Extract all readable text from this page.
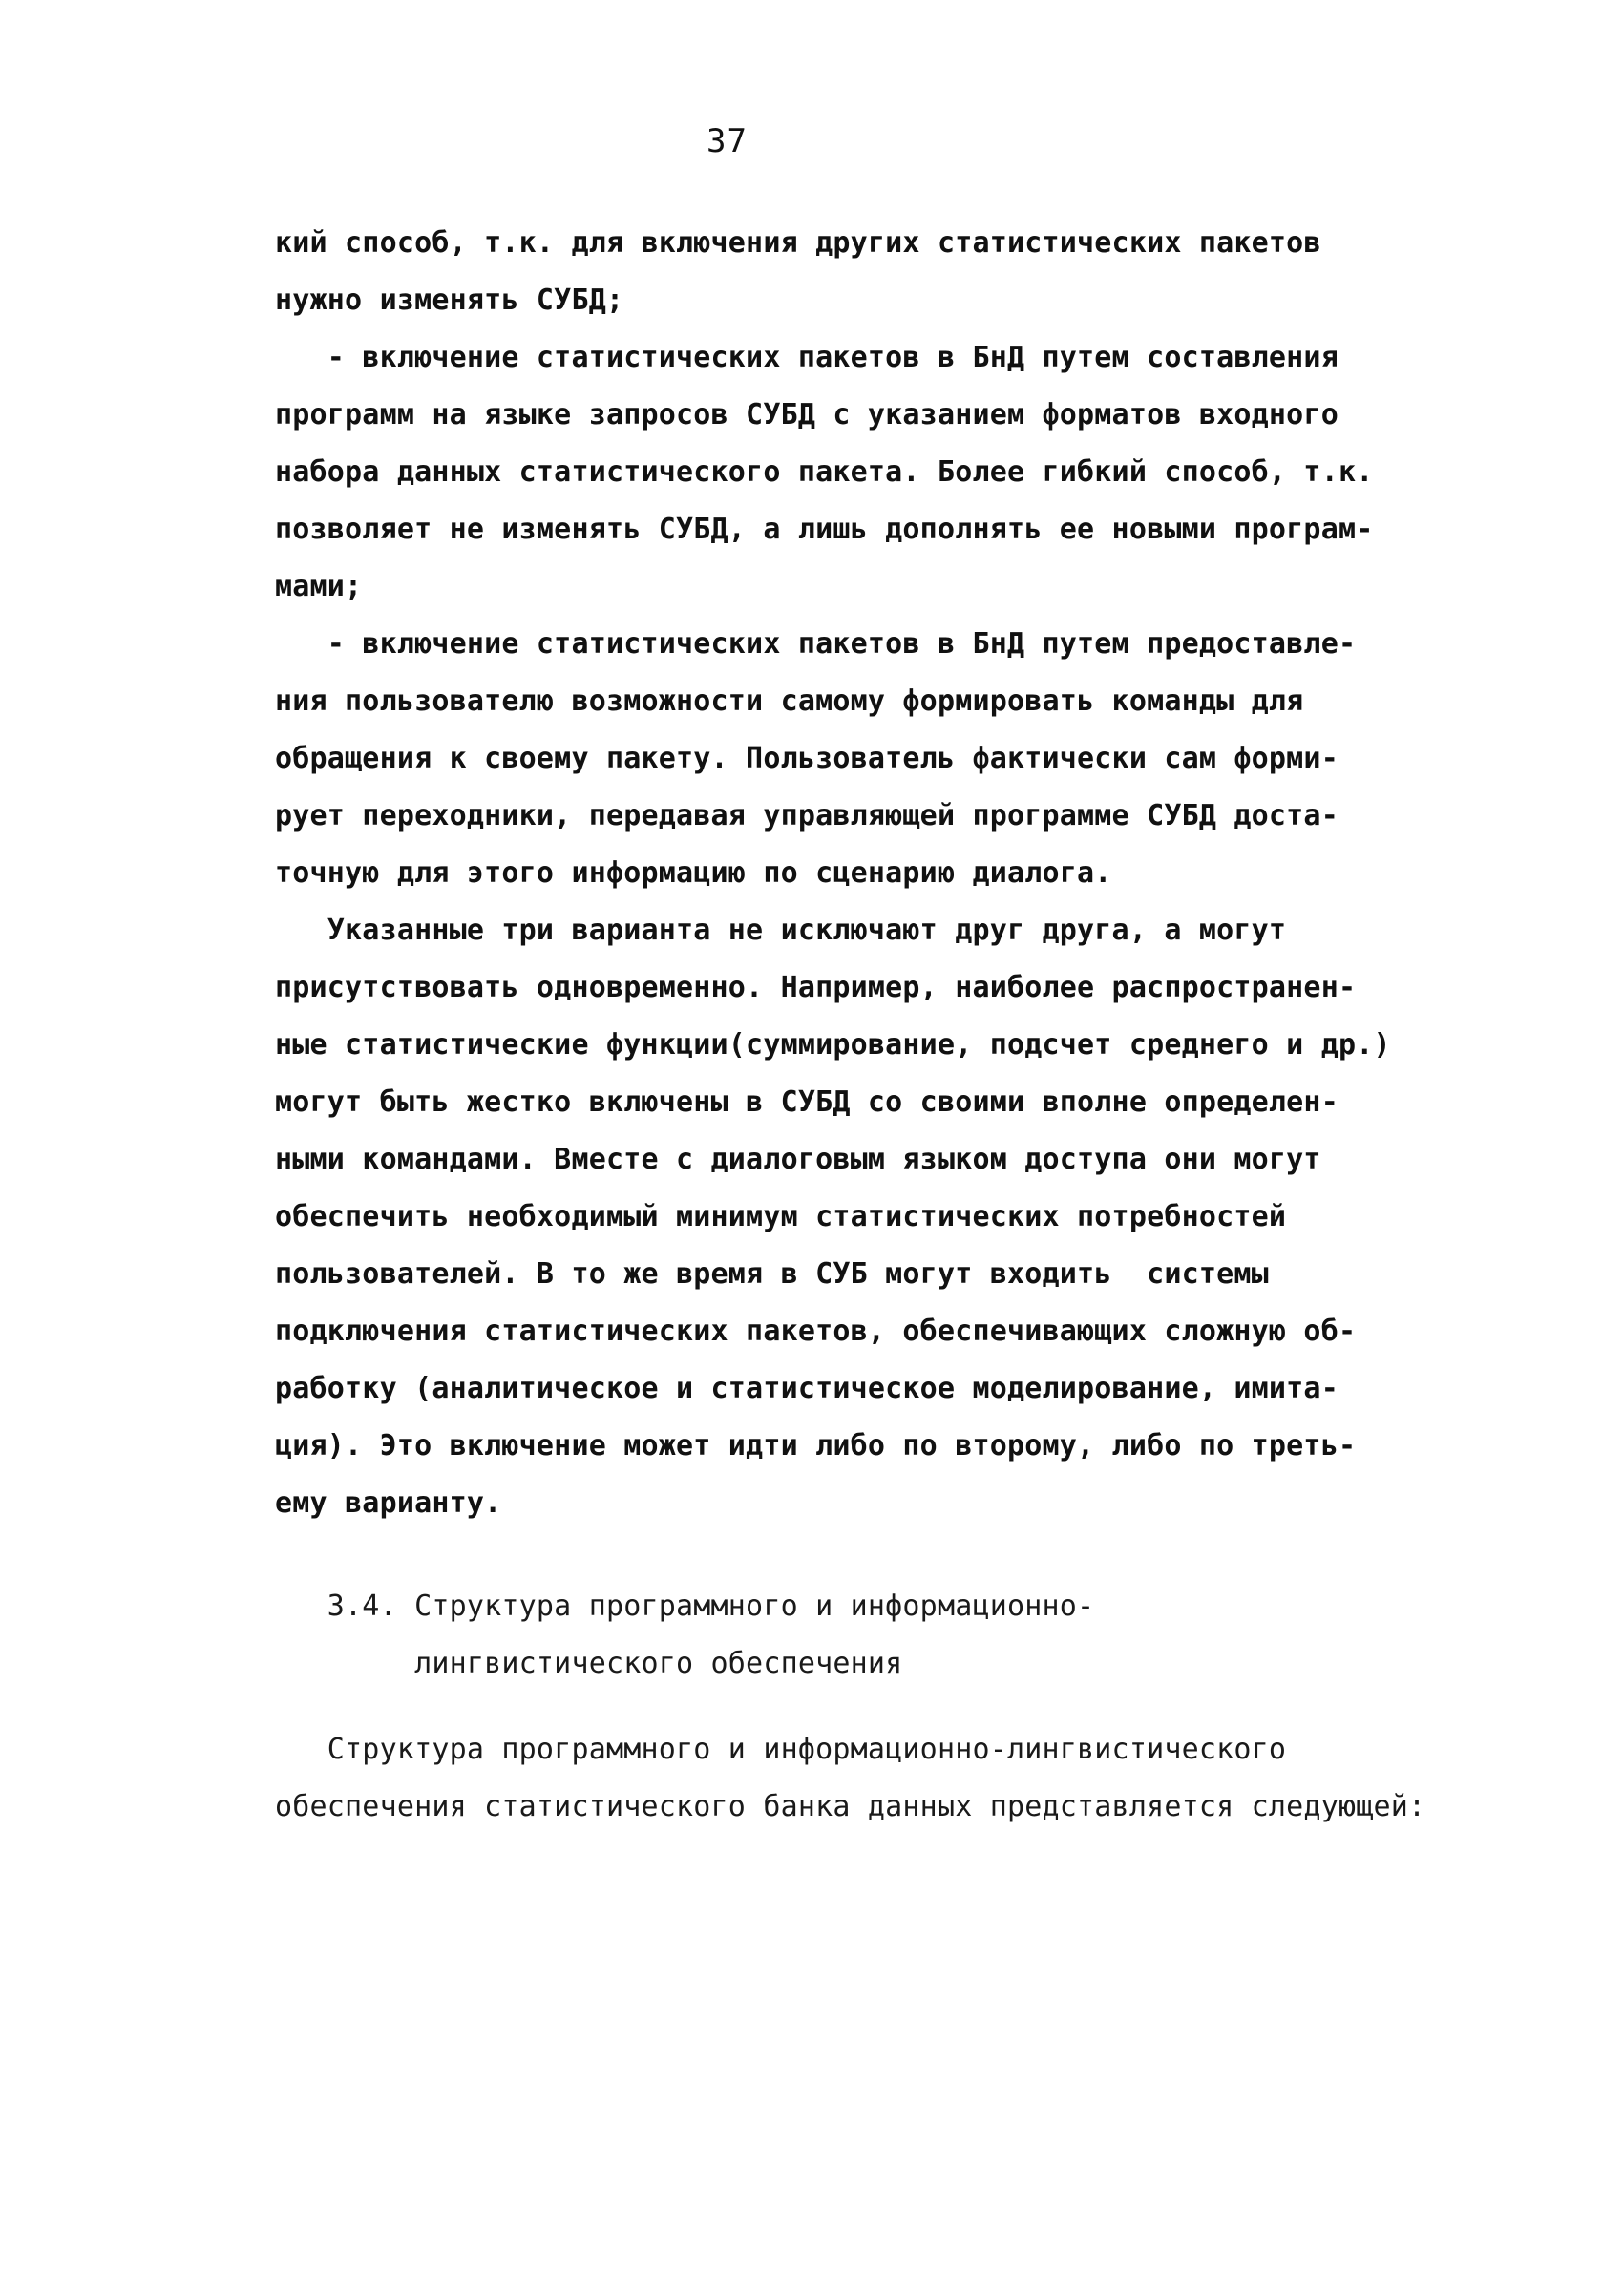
37
кий способ, т.к. для включения других статистических пакетов
нужно изменять СУБД;
- включение статистических пакетов в БнД путем составления
программ на языке запросов СУБД с указанием форматов входного
набора данных статистического пакета. Более гибкий способ, т.к.
позволяет не изменять СУБД, а лишь дополнять ее новыми програм-
мами;
- включение статистических пакетов в БнД путем предоставле-
ния пользователю возможности самому формировать команды для
обращения к своему пакету. Пользователь фактически сам форми-
рует переходники, передавая управляющей программе СУБД доста-
точную для этого информацию по сценарию диалога.
Указанные три варианта не исключают друг друга, а могут
присутствовать одновременно. Например, наиболее распространен-
ные статистические функции(суммирование, подсчет среднего и др.)
могут быть жестко включены в СУБД со своими вполне определен-
ными командами. Вместе с диалоговым языком доступа они могут
обеспечить необходимый минимум статистических потребностей
пользователей. В то же время в СУБ могут входить  системы
подключения статистических пакетов, обеспечивающих сложную об-
работку (аналитическое и статистическое моделирование, имита-
ция). Это включение может идти либо по второму, либо по треть-
ему варианту.
3.4. Структура программного и информационно-
лингвистического обеспечения
Структура программного и информационно-лингвистического
обеспечения статистического банка данных представляется следующей:
